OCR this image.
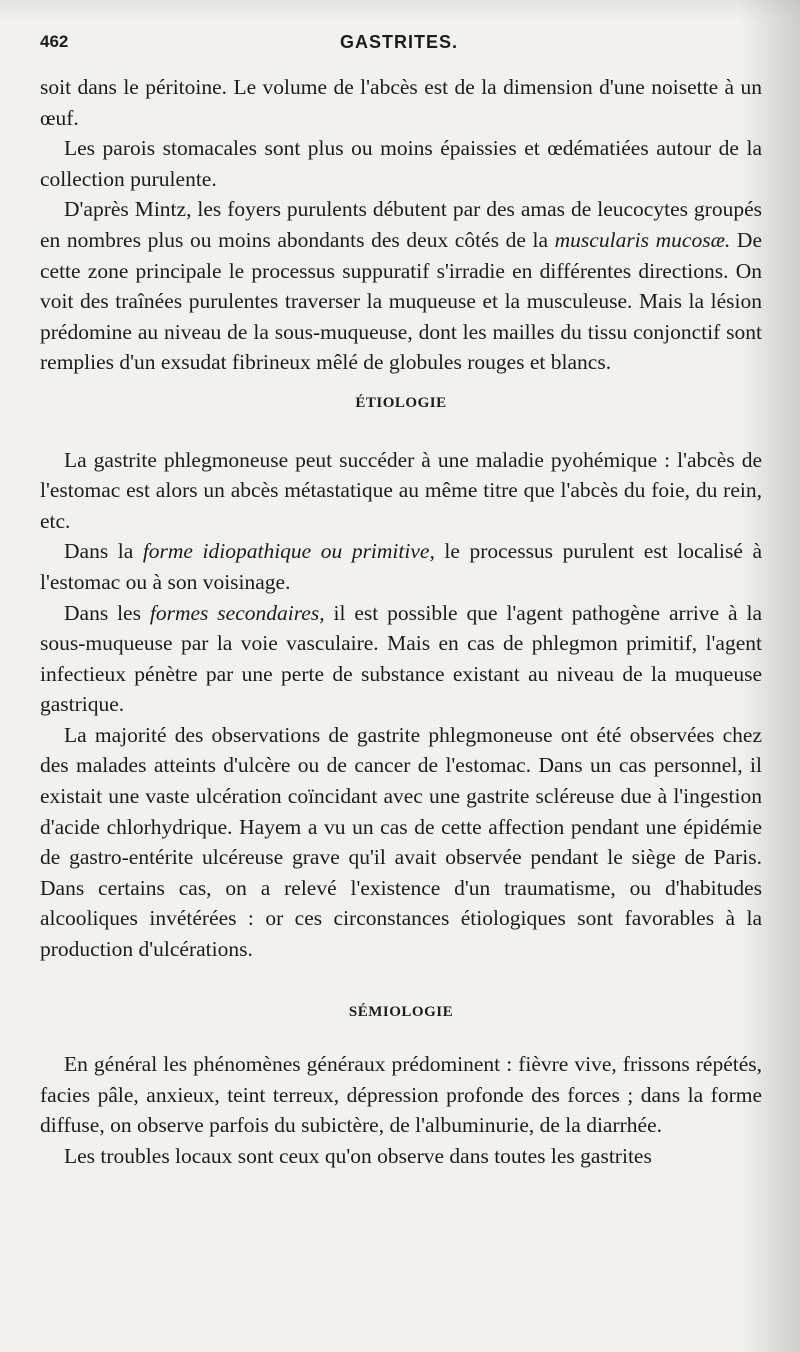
462	GASTRITES.

soit dans le péritoine. Le volume de l'abcès est de la dimension d'une noisette à un œuf.

Les parois stomacales sont plus ou moins épaissies et œdématiées autour de la collection purulente.

D'après Mintz, les foyers purulents débutent par des amas de leucocytes groupés en nombres plus ou moins abondants des deux côtés de la muscularis mucosæ. De cette zone principale le processus suppuratif s'irradie en différentes directions. On voit des traînées purulentes traverser la muqueuse et la musculeuse. Mais la lésion prédomine au niveau de la sous-muqueuse, dont les mailles du tissu conjonctif sont remplies d'un exsudat fibrineux mêlé de globules rouges et blancs.

ÉTIOLOGIE

La gastrite phlegmoneuse peut succéder à une maladie pyohémique : l'abcès de l'estomac est alors un abcès métastatique au même titre que l'abcès du foie, du rein, etc.

Dans la forme idiopathique ou primitive, le processus purulent est localisé à l'estomac ou à son voisinage.

Dans les formes secondaires, il est possible que l'agent pathogène arrive à la sous-muqueuse par la voie vasculaire. Mais en cas de phlegmon primitif, l'agent infectieux pénètre par une perte de substance existant au niveau de la muqueuse gastrique.

La majorité des observations de gastrite phlegmoneuse ont été observées chez des malades atteints d'ulcère ou de cancer de l'estomac. Dans un cas personnel, il existait une vaste ulcération coïncidant avec une gastrite scléreuse due à l'ingestion d'acide chlorhydrique. Hayem a vu un cas de cette affection pendant une épidémie de gastro-entérite ulcéreuse grave qu'il avait observée pendant le siège de Paris. Dans certains cas, on a relevé l'existence d'un traumatisme, ou d'habitudes alcooliques invétérées : or ces circonstances étiologiques sont favorables à la production d'ulcérations.

SÉMIOLOGIE

En général les phénomènes généraux prédominent : fièvre vive, frissons répétés, facies pâle, anxieux, teint terreux, dépression profonde des forces ; dans la forme diffuse, on observe parfois du subictère, de l'albuminurie, de la diarrhée.

Les troubles locaux sont ceux qu'on observe dans toutes les gastrites
